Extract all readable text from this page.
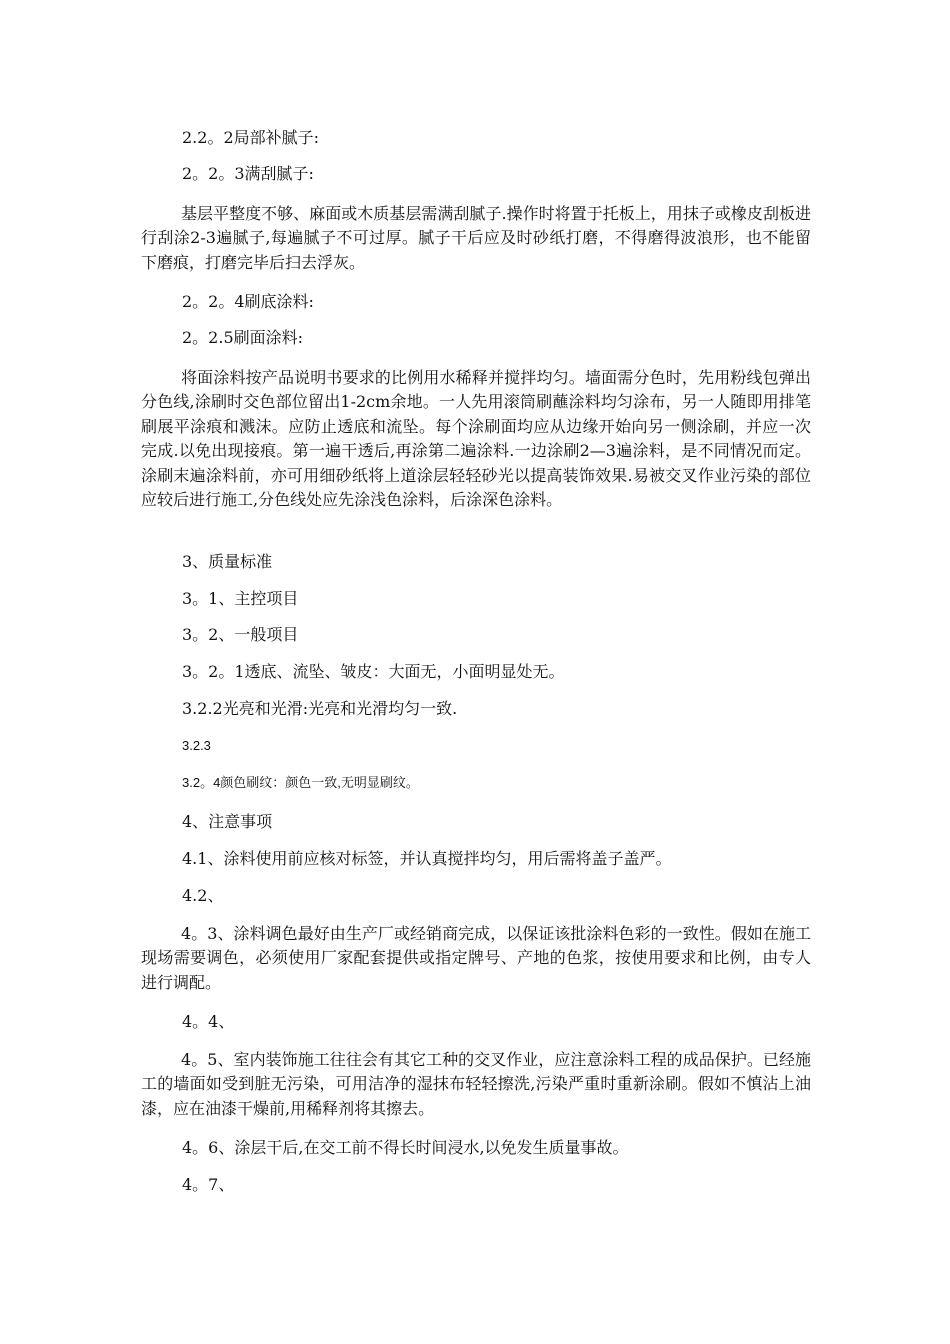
2.2。2局部补腻子:

2。2。3满刮腻子:

基层平整度不够、麻面或木质基层需满刮腻子.操作时将置于托板上，用抹子或橡皮刮板进行刮涂2-3遍腻子,每遍腻子不可过厚。腻子干后应及时砂纸打磨，不得磨得波浪形，也不能留下磨痕，打磨完毕后扫去浮灰。

2。2。4刷底涂料:

2。2.5刷面涂料:

将面涂料按产品说明书要求的比例用水稀释并搅拌均匀。墙面需分色时，先用粉线包弹出分色线,涂刷时交色部位留出1-2cm余地。一人先用滚筒刷蘸涂料均匀涂布，另一人随即用排笔刷展平涂痕和溅沫。应防止透底和流坠。每个涂刷面均应从边缘开始向另一侧涂刷，并应一次完成.以免出现接痕。第一遍干透后,再涂第二遍涂料.一边涂刷2—3遍涂料，是不同情况而定。涂刷末遍涂料前，亦可用细砂纸将上道涂层轻轻砂光以提高装饰效果.易被交叉作业污染的部位应较后进行施工,分色线处应先涂浅色涂料，后涂深色涂料。

3、质量标准

3。1、主控项目

3。2、一般项目

3。2。1透底、流坠、皱皮：大面无，小面明显处无。

3.2.2光亮和光滑:光亮和光滑均匀一致.

3.2.3

3.2。4颜色刷纹：颜色一致,无明显刷纹。

4、注意事项

4.1、涂料使用前应核对标签，并认真搅拌均匀，用后需将盖子盖严。

4.2、

4。3、涂料调色最好由生产厂或经销商完成，以保证该批涂料色彩的一致性。假如在施工现场需要调色，必须使用厂家配套提供或指定牌号、产地的色浆，按使用要求和比例，由专人进行调配。

4。4、

4。5、室内装饰施工往往会有其它工种的交叉作业，应注意涂料工程的成品保护。已经施工的墙面如受到脏无污染，可用洁净的湿抹布轻轻擦洗,污染严重时重新涂刷。假如不慎沾上油漆，应在油漆干燥前,用稀释剂将其擦去。

4。6、涂层干后,在交工前不得长时间浸水,以免发生质量事故。

4。7、
